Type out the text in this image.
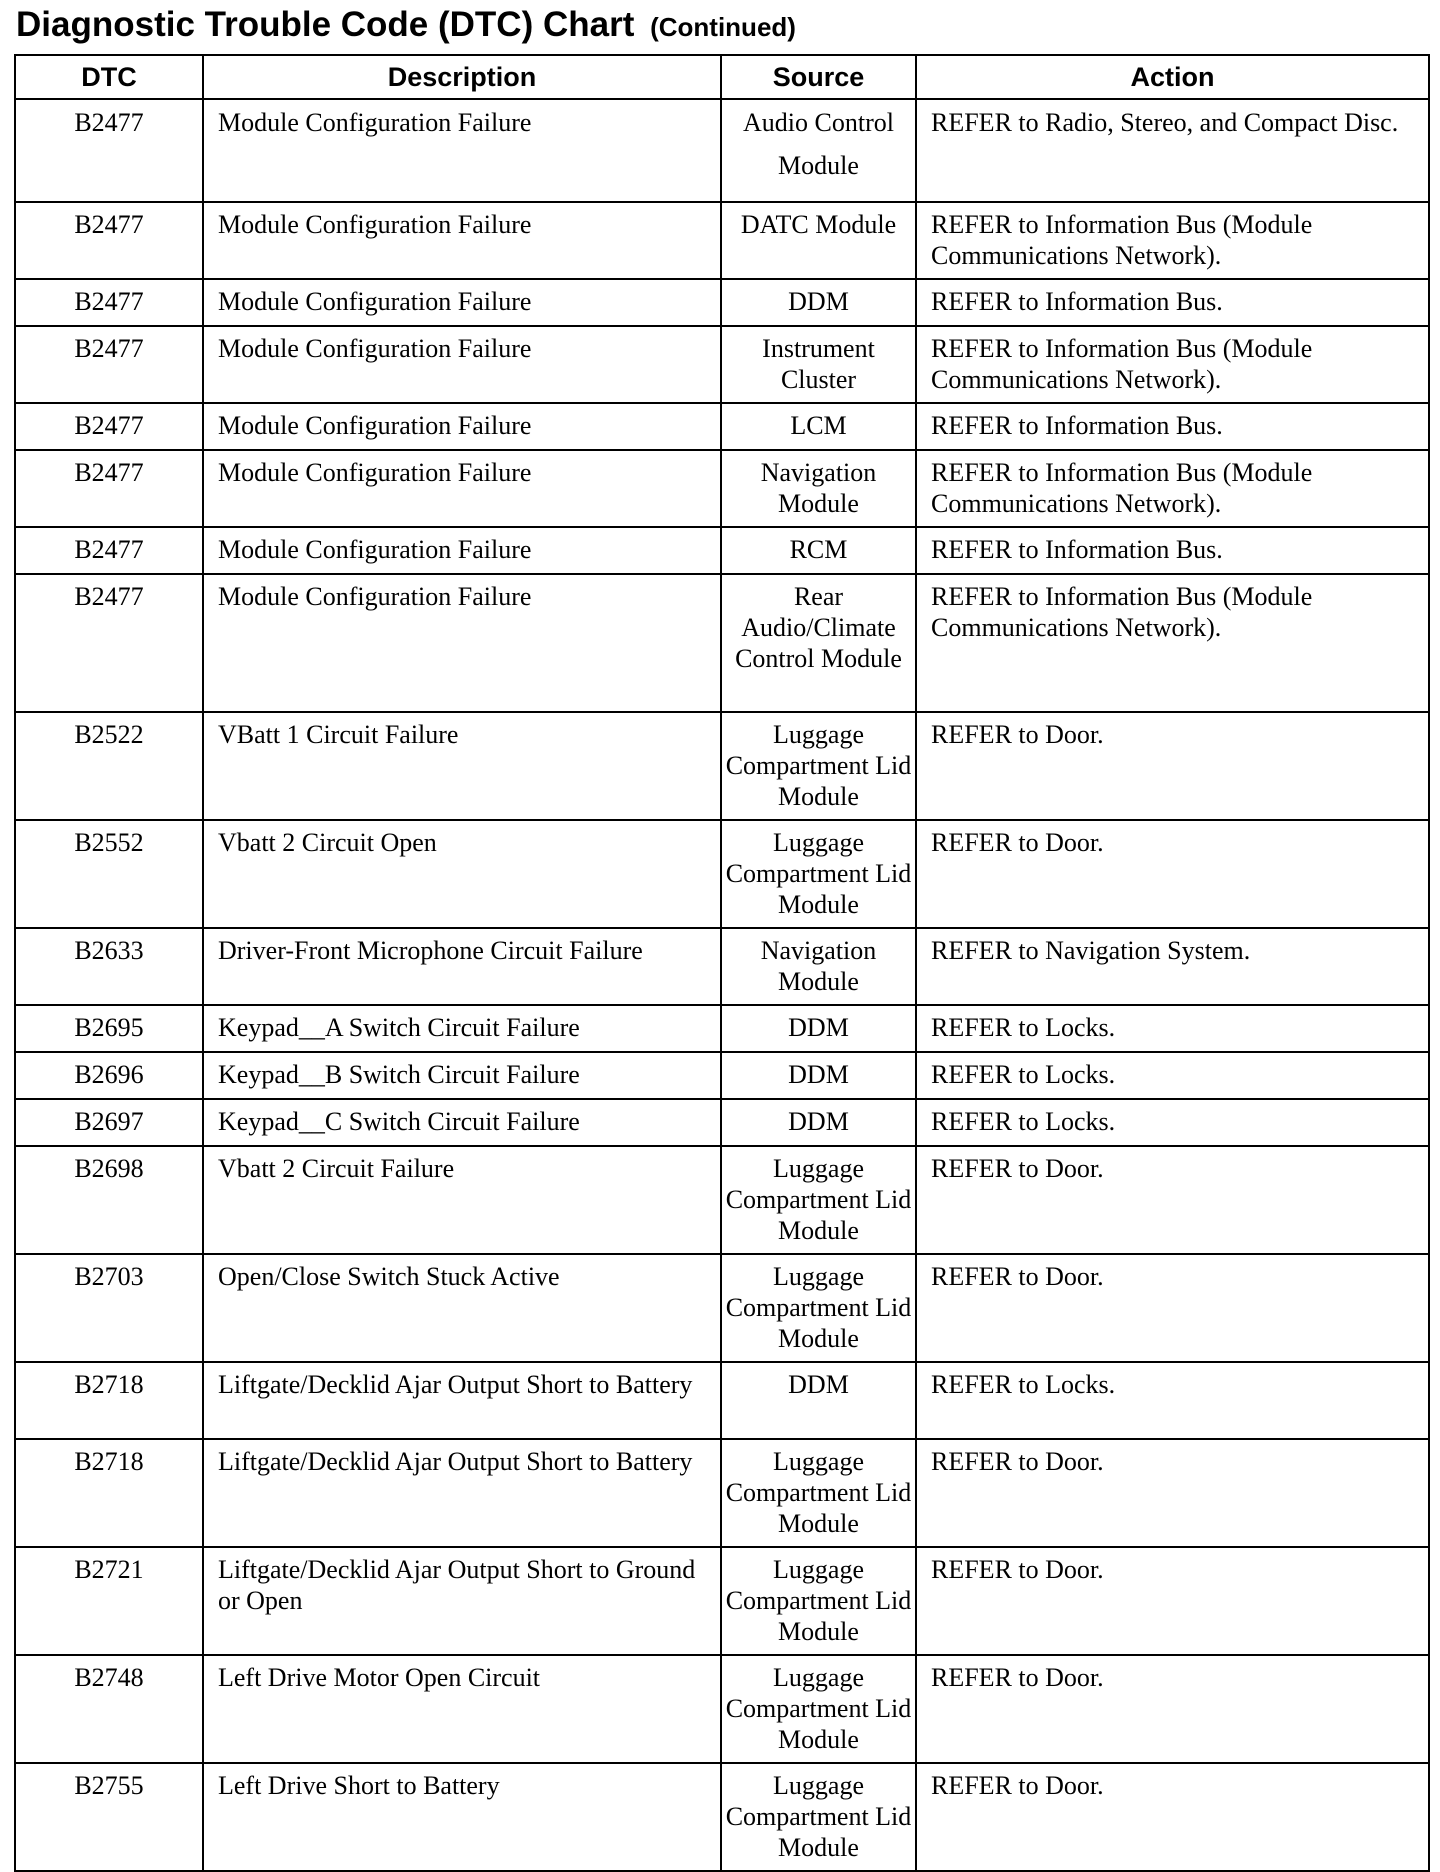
Diagnostic Trouble Code (DTC) Chart (Continued)
DTC	Description	Source	Action
B2477	Module Configuration Failure	Audio Control Module	REFER to Radio, Stereo, and Compact Disc.
B2477	Module Configuration Failure	DATC Module	REFER to Information Bus (Module Communications Network).
B2477	Module Configuration Failure	DDM	REFER to Information Bus.
B2477	Module Configuration Failure	Instrument Cluster	REFER to Information Bus (Module Communications Network).
B2477	Module Configuration Failure	LCM	REFER to Information Bus.
B2477	Module Configuration Failure	Navigation Module	REFER to Information Bus (Module Communications Network).
B2477	Module Configuration Failure	RCM	REFER to Information Bus.
B2477	Module Configuration Failure	Rear Audio/Climate Control Module	REFER to Information Bus (Module Communications Network).
B2522	VBatt 1 Circuit Failure	Luggage Compartment Lid Module	REFER to Door.
B2552	Vbatt 2 Circuit Open	Luggage Compartment Lid Module	REFER to Door.
B2633	Driver-Front Microphone Circuit Failure	Navigation Module	REFER to Navigation System.
B2695	Keypad__A Switch Circuit Failure	DDM	REFER to Locks.
B2696	Keypad__B Switch Circuit Failure	DDM	REFER to Locks.
B2697	Keypad__C Switch Circuit Failure	DDM	REFER to Locks.
B2698	Vbatt 2 Circuit Failure	Luggage Compartment Lid Module	REFER to Door.
B2703	Open/Close Switch Stuck Active	Luggage Compartment Lid Module	REFER to Door.
B2718	Liftgate/Decklid Ajar Output Short to Battery	DDM	REFER to Locks.
B2718	Liftgate/Decklid Ajar Output Short to Battery	Luggage Compartment Lid Module	REFER to Door.
B2721	Liftgate/Decklid Ajar Output Short to Ground or Open	Luggage Compartment Lid Module	REFER to Door.
B2748	Left Drive Motor Open Circuit	Luggage Compartment Lid Module	REFER to Door.
B2755	Left Drive Short to Battery	Luggage Compartment Lid Module	REFER to Door.
